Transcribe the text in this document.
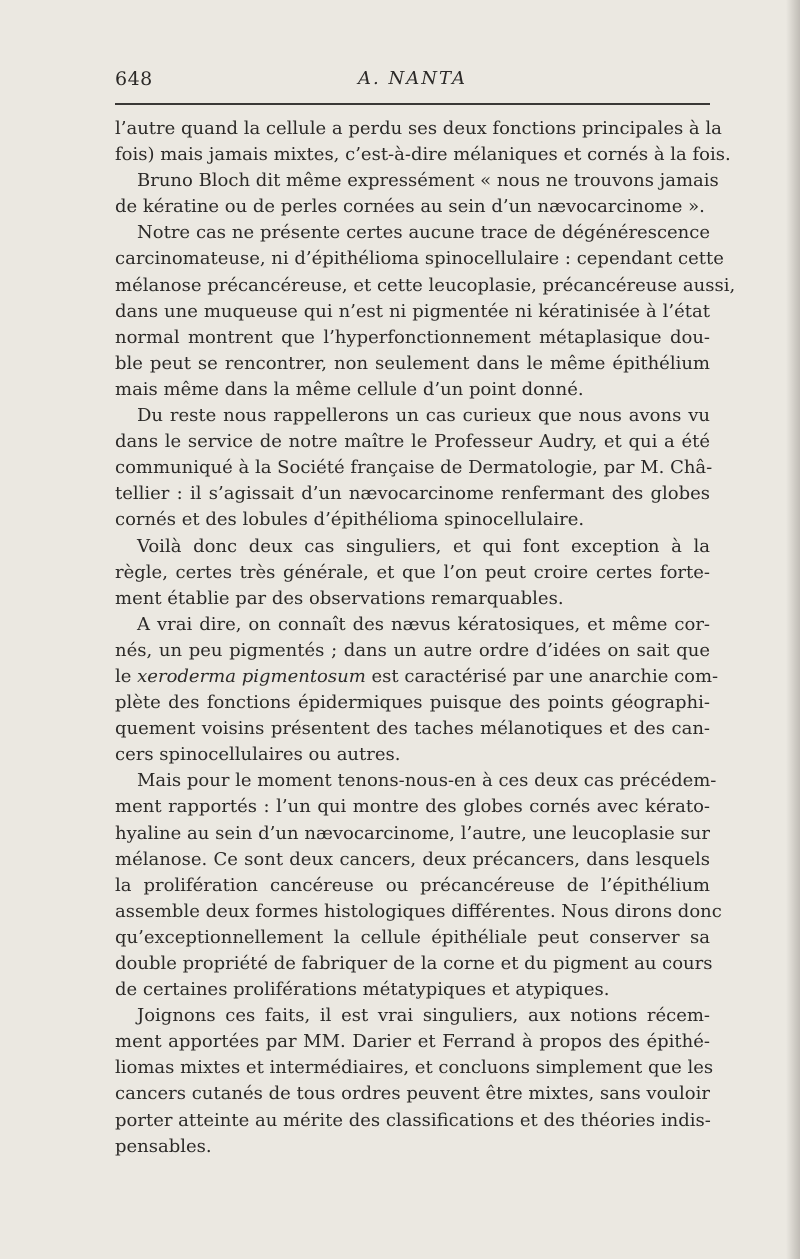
648	A. NANTA
l’autre quand la cellule a perdu ses deux fonctions principales à la
fois) mais jamais mixtes, c’est-à-dire mélaniques et cornés à la fois.
Bruno Bloch dit même expressément « nous ne trouvons jamais
de kératine ou de perles cornées au sein d’un nævocarcinome ».
Notre cas ne présente certes aucune trace de dégénérescence
carcinomateuse, ni d’épithélioma spinocellulaire : cependant cette
mélanose précancéreuse, et cette leucoplasie, précancéreuse aussi,
dans une muqueuse qui n’est ni pigmentée ni kératinisée à l’état
normal montrent que l’hyperfonctionnement métaplasique dou-
ble peut se rencontrer, non seulement dans le même épithélium
mais même dans la même cellule d’un point donné.
Du reste nous rappellerons un cas curieux que nous avons vu
dans le service de notre maître le Professeur Audry, et qui a été
communiqué à la Société française de Dermatologie, par M. Châ-
tellier : il s’agissait d’un nævocarcinome renfermant des globes
cornés et des lobules d’épithélioma spinocellulaire.
Voilà donc deux cas singuliers, et qui font exception à la
règle, certes très générale, et que l’on peut croire certes forte-
ment établie par des observations remarquables.
A vrai dire, on connaît des nævus kératosiques, et même cor-
nés, un peu pigmentés ; dans un autre ordre d’idées on sait que
le xeroderma pigmentosum est caractérisé par une anarchie com-
plète des fonctions épidermiques puisque des points géographi-
quement voisins présentent des taches mélanotiques et des can-
cers spinocellulaires ou autres.
Mais pour le moment tenons-nous-en à ces deux cas précédem-
ment rapportés : l’un qui montre des globes cornés avec kérato-
hyaline au sein d’un nævocarcinome, l’autre, une leucoplasie sur
mélanose. Ce sont deux cancers, deux précancers, dans lesquels
la prolifération cancéreuse ou précancéreuse de l’épithélium
assemble deux formes histologiques différentes. Nous dirons donc
qu’exceptionnellement la cellule épithéliale peut conserver sa
double propriété de fabriquer de la corne et du pigment au cours
de certaines proliférations métatypiques et atypiques.
Joignons ces faits, il est vrai singuliers, aux notions récem-
ment apportées par MM. Darier et Ferrand à propos des épithé-
liomas mixtes et intermédiaires, et concluons simplement que les
cancers cutanés de tous ordres peuvent être mixtes, sans vouloir
porter atteinte au mérite des classifications et des théories indis-
pensables.
